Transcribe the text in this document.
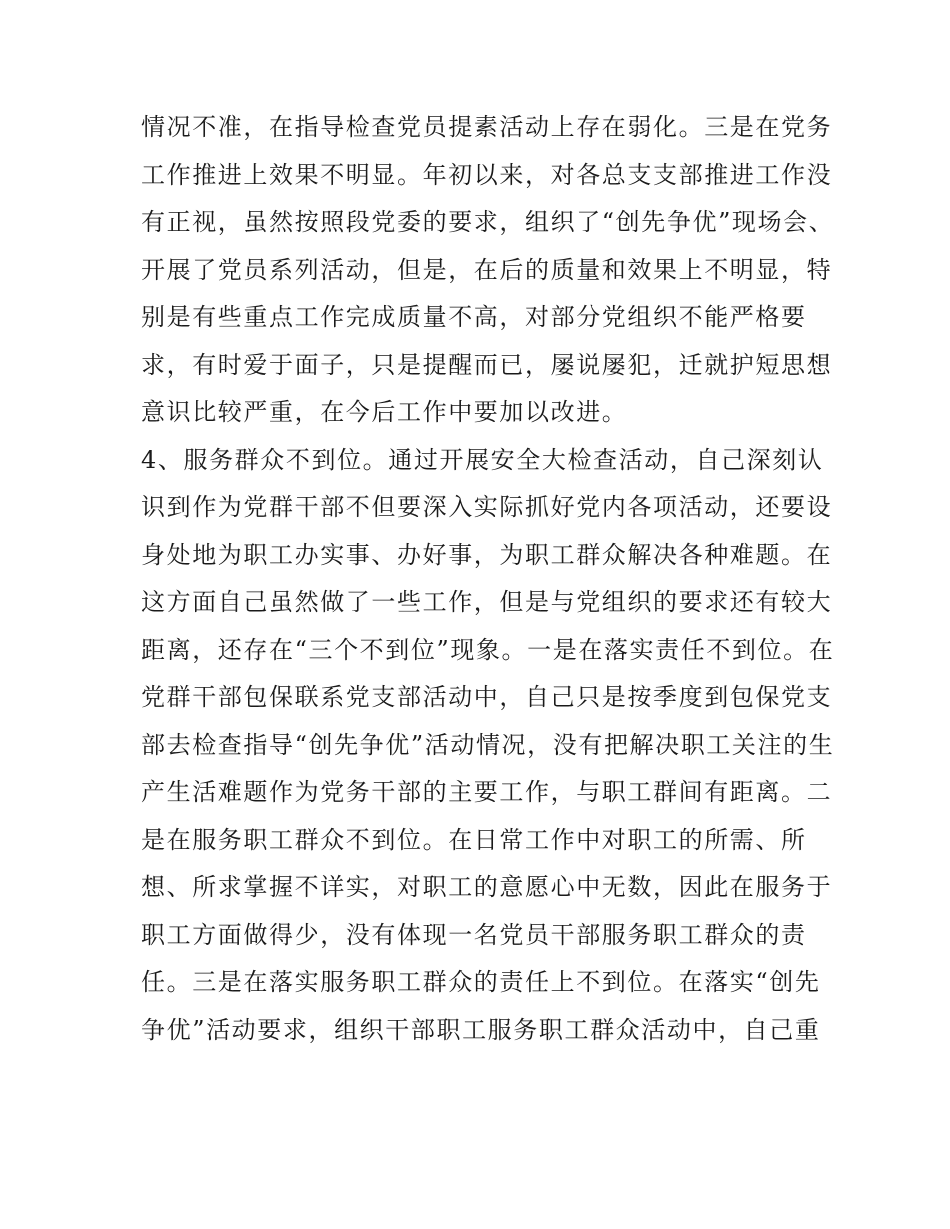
情况不准，在指导检查党员提素活动上存在弱化。三是在党务
工作推进上效果不明显。年初以来，对各总支支部推进工作没
有正视，虽然按照段党委的要求，组织了“创先争优”现场会、
开展了党员系列活动，但是，在后的质量和效果上不明显，特
别是有些重点工作完成质量不高，对部分党组织不能严格要
求，有时爱于面子，只是提醒而已，屡说屡犯，迁就护短思想
意识比较严重，在今后工作中要加以改进。
4、服务群众不到位。通过开展安全大检查活动，自己深刻认
识到作为党群干部不但要深入实际抓好党内各项活动，还要设
身处地为职工办实事、办好事，为职工群众解决各种难题。在
这方面自己虽然做了一些工作，但是与党组织的要求还有较大
距离，还存在“三个不到位”现象。一是在落实责任不到位。在
党群干部包保联系党支部活动中，自己只是按季度到包保党支
部去检查指导“创先争优”活动情况，没有把解决职工关注的生
产生活难题作为党务干部的主要工作，与职工群间有距离。二
是在服务职工群众不到位。在日常工作中对职工的所需、所
想、所求掌握不详实，对职工的意愿心中无数，因此在服务于
职工方面做得少，没有体现一名党员干部服务职工群众的责
任。三是在落实服务职工群众的责任上不到位。在落实“创先
争优”活动要求，组织干部职工服务职工群众活动中，自己重
